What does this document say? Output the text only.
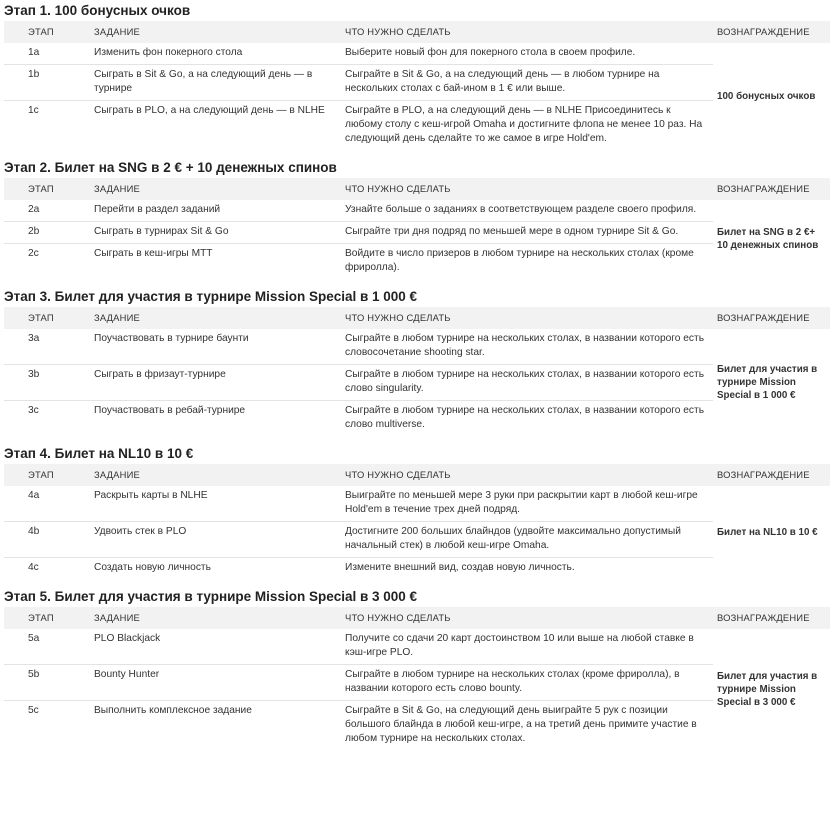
Этап 1. 100 бонусных очков
ЭТАП	ЗАДАНИЕ	ЧТО НУЖНО СДЕЛАТЬ	ВОЗНАГРАЖДЕНИЕ
1a	Изменить фон покерного стола	Выберите новый фон для покерного стола в своем профиле.	100 бонусных очков
1b	Сыграть в Sit & Go, а на следующий день — в турнире	Сыграйте в Sit & Go, а на следующий день — в любом турнире на нескольких столах с бай-ином в 1 € или выше.	
1c	Сыграть в PLO, а на следующий день — в NLHE	Сыграйте в PLO, а на следующий день — в NLHE Присоединитесь к любому столу с кеш-игрой Omaha и достигните флопа не менее 10 раз. На следующий день сделайте то же самое в игре Hold'em.	
Этап 2. Билет на SNG в 2 € + 10 денежных спинов
ЭТАП	ЗАДАНИЕ	ЧТО НУЖНО СДЕЛАТЬ	ВОЗНАГРАЖДЕНИЕ
2a	Перейти в раздел заданий	Узнайте больше о заданиях в соответствующем разделе своего профиля.	Билет на SNG в 2 €+ 10 денежных спинов
2b	Сыграть в турнирах Sit & Go	Сыграйте три дня подряд по меньшей мере в одном турнире Sit & Go.	
2c	Сыграть в кеш-игры MTT	Войдите в число призеров в любом турнире на нескольких столах (кроме фриролла).	
Этап 3. Билет для участия в турнире Mission Special в 1 000 €
ЭТАП	ЗАДАНИЕ	ЧТО НУЖНО СДЕЛАТЬ	ВОЗНАГРАЖДЕНИЕ
3a	Поучаствовать в турнире баунти	Сыграйте в любом турнире на нескольких столах, в названии которого есть словосочетание shooting star.	Билет для участия в турнире Mission Special в 1 000 €
3b	Сыграть в фризаут-турнире	Сыграйте в любом турнире на нескольких столах, в названии которого есть слово singularity.	
3c	Поучаствовать в ребай-турнире	Сыграйте в любом турнире на нескольких столах, в названии которого есть слово multiverse.	
Этап 4. Билет на NL10 в 10 €
ЭТАП	ЗАДАНИЕ	ЧТО НУЖНО СДЕЛАТЬ	ВОЗНАГРАЖДЕНИЕ
4a	Раскрыть карты в NLHE	Выиграйте по меньшей мере 3 руки при раскрытии карт в любой кеш-игре Hold'em в течение трех дней подряд.	Билет на NL10 в 10 €
4b	Удвоить стек в PLO	Достигните 200 больших блайндов (удвойте максимально допустимый начальный стек) в любой кеш-игре Omaha.	
4c	Создать новую личность	Измените внешний вид, создав новую личность.	
Этап 5. Билет для участия в турнире Mission Special в 3 000 €
ЭТАП	ЗАДАНИЕ	ЧТО НУЖНО СДЕЛАТЬ	ВОЗНАГРАЖДЕНИЕ
5a	PLO Blackjack	Получите со сдачи 20 карт достоинством 10 или выше на любой ставке в кэш-игре PLO.	Билет для участия в турнире Mission Special в 3 000 €
5b	Bounty Hunter	Сыграйте в любом турнире на нескольких столах (кроме фриролла), в названии которого есть слово bounty.	
5c	Выполнить комплексное задание	Сыграйте в Sit & Go, на следующий день выиграйте 5 рук с позиции большого блайнда в любой кеш-игре, а на третий день примите участие в любом турнире на нескольких столах.	
